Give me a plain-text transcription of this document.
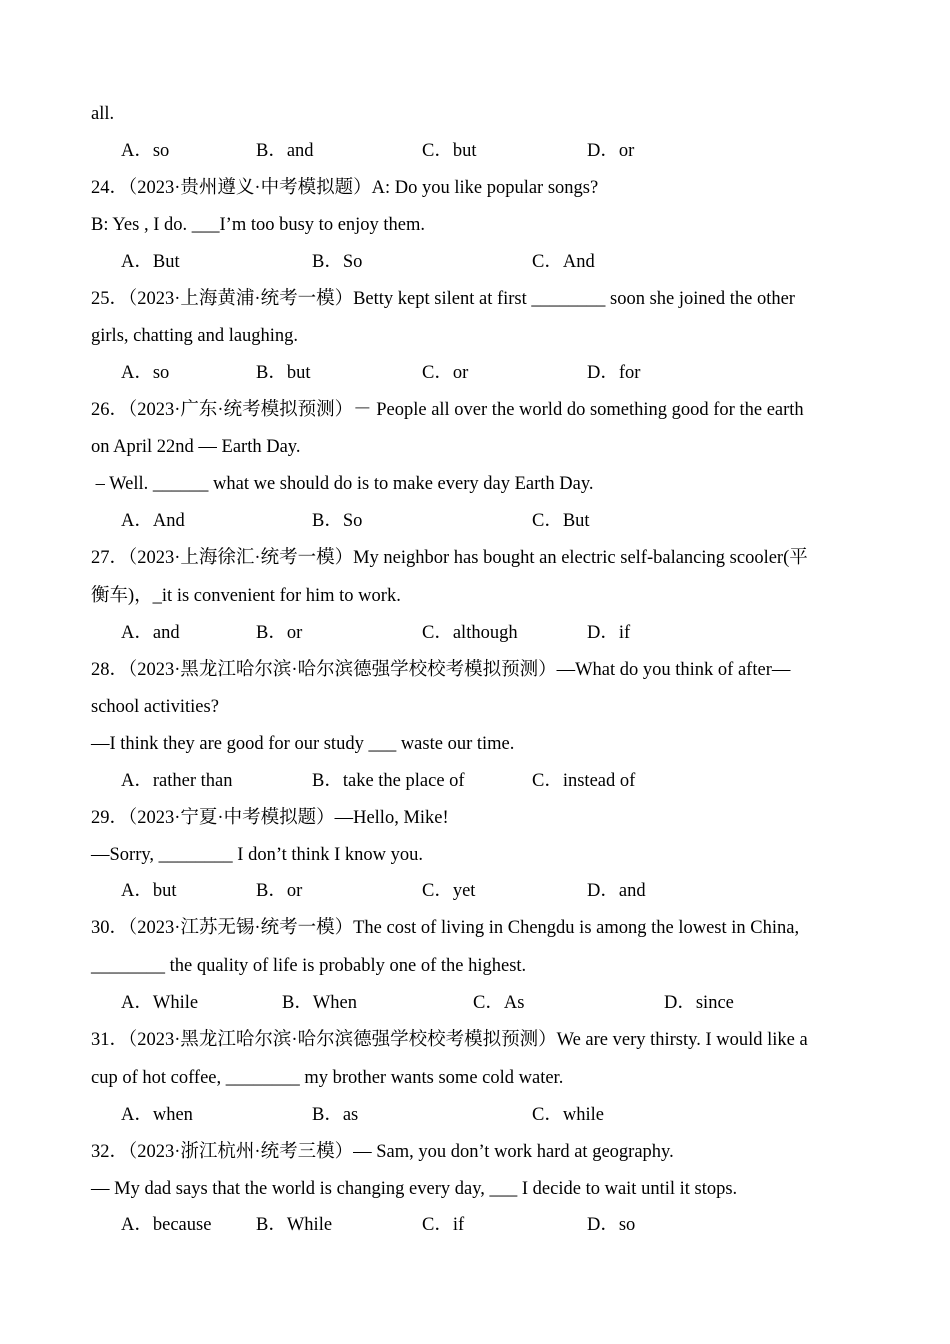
all.
A．so	B．and	C．but	D．or
24．（2023·贵州遵义·中考模拟题）A: Do you like popular songs?
B: Yes , I do. ___I’m too busy to enjoy them.
A．But	B．So	C．And
25．（2023·上海黄浦·统考一模）Betty kept silent at first ________ soon she joined the other
girls, chatting and laughing.
A．so	B．but	C．or	D．for
26．（2023·广东·统考模拟预测）－ People all over the world do something good for the earth
on April 22nd — Earth Day.
– Well. ______ what we should do is to make every day Earth Day.
A．And	B．So	C．But
27．（2023·上海徐汇·统考一模）My neighbor has bought an electric self-balancing scooler(平
衡车)，_it is convenient for him to work.
A．and	B．or	C．although	D．if
28．（2023·黑龙江哈尔滨·哈尔滨德强学校校考模拟预测）—What do you think of after—
school activities?
—I think they are good for our study ___ waste our time.
A．rather than	B．take the place of	C．instead of
29．（2023·宁夏·中考模拟题）—Hello, Mike!
—Sorry, ________ I don’t think I know you.
A．but	B．or	C．yet	D．and
30．（2023·江苏无锡·统考一模）The cost of living in Chengdu is among the lowest in China,
________ the quality of life is probably one of the highest.
A．While	B．When	C．As	D．since
31．（2023·黑龙江哈尔滨·哈尔滨德强学校校考模拟预测）We are very thirsty. I would like a
cup of hot coffee, ________ my brother wants some cold water.
A．when	B．as	C．while
32．（2023·浙江杭州·统考三模）— Sam, you don’t work hard at geography.
— My dad says that the world is changing every day, ___ I decide to wait until it stops.
A．because B．While	C．if	D．so
